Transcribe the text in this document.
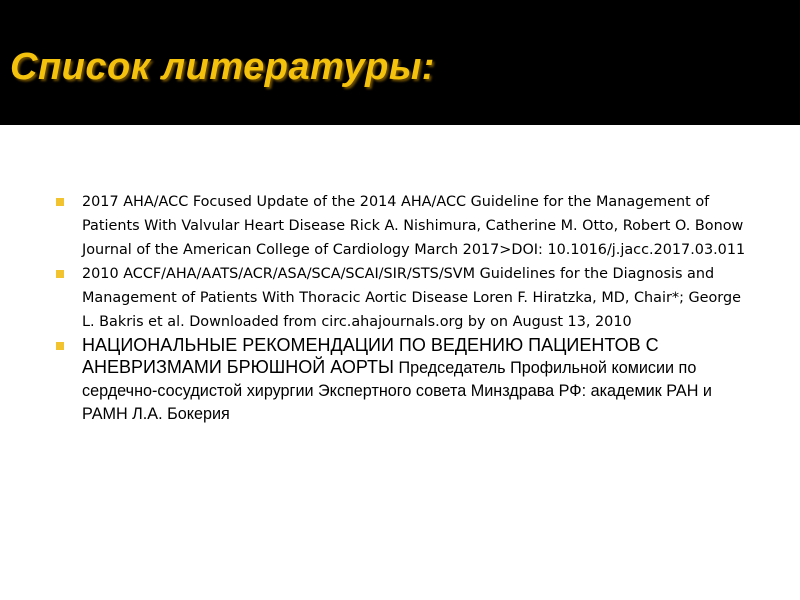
Список литературы:
2017 AHA/ACC Focused Update of the 2014 AHA/ACC Guideline for the Management of Patients With Valvular Heart Disease Rick A. Nishimura, Catherine M. Otto, Robert O. Bonow Journal of the American College of Cardiology March 2017>DOI: 10.1016/j.jacc.2017.03.011
2010 ACCF/AHA/AATS/ACR/ASA/SCA/SCAI/SIR/STS/SVM Guidelines for the Diagnosis and Management of Patients With Thoracic Aortic Disease Loren F. Hiratzka, MD, Chair*; George L. Bakris et al. Downloaded from circ.ahajournals.org by on August 13, 2010
НАЦИОНАЛЬНЫЕ РЕКОМЕНДАЦИИ ПО ВЕДЕНИЮ ПАЦИЕНТОВ С АНЕВРИЗМАМИ БРЮШНОЙ АОРТЫ Председатель Профильной комисии по сердечно-сосудистой хирургии Экспертного совета Минздрава РФ: академик РАН и РАМН Л.А. Бокерия
